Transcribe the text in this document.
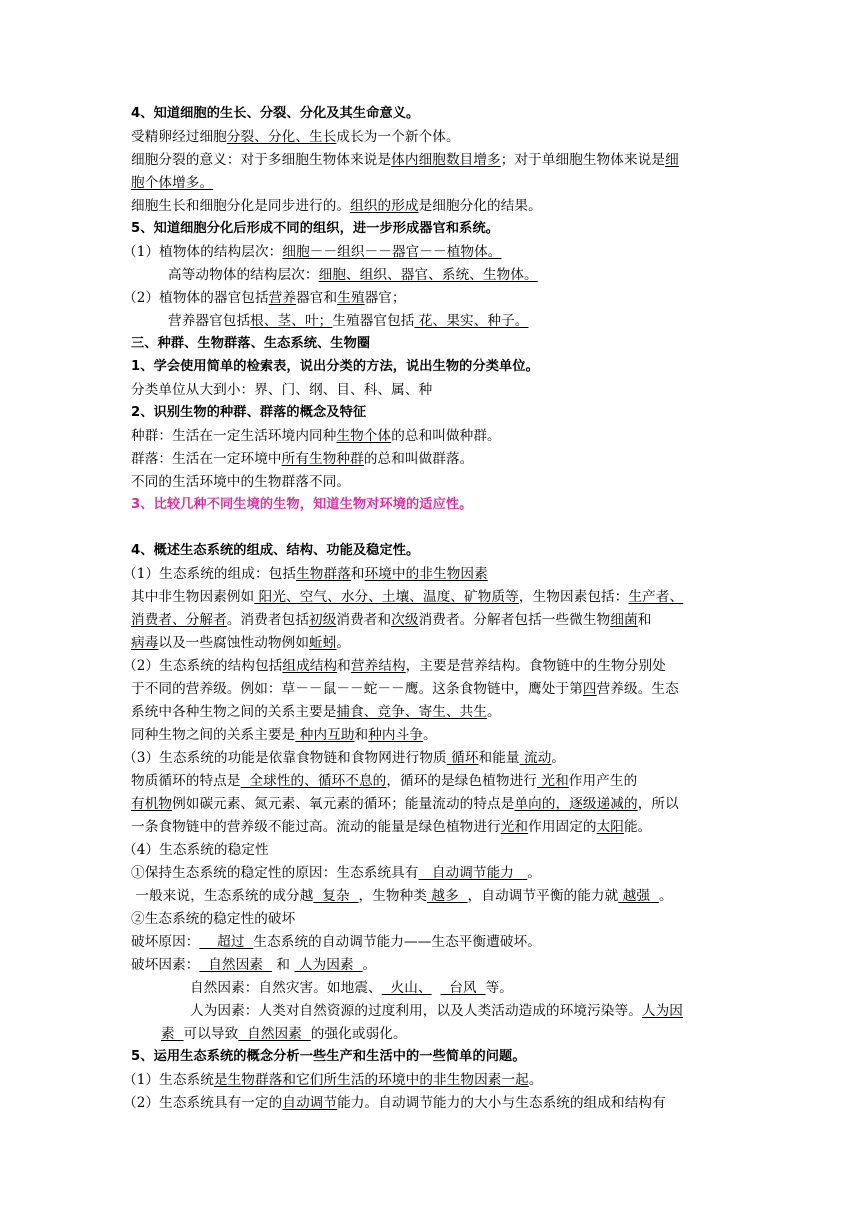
4、知道细胞的生长、分裂、分化及其生命意义。
受精卵经过细胞分裂、分化、生长成长为一个新个体。
细胞分裂的意义：对于多细胞生物体来说是体内细胞数目增多；对于单细胞生物体来说是细
胞个体增多。
细胞生长和细胞分化是同步进行的。组织的形成是细胞分化的结果。
5、知道细胞分化后形成不同的组织，进一步形成器官和系统。
（1）植物体的结构层次：细胞－－组织－－器官－－植物体。
高等动物体的结构层次：细胞、组织、器官、系统、生物体。
（2）植物体的器官包括营养器官和生殖器官；
营养器官包括根、茎、叶；生殖器官包括 花、果实、种子。
三、种群、生物群落、生态系统、生物圈
1、学会使用简单的检索表，说出分类的方法，说出生物的分类单位。
分类单位从大到小：界、门、纲、目、科、属、种
2、识别生物的种群、群落的概念及特征
种群：生活在一定生活环境内同种生物个体的总和叫做种群。
群落：生活在一定环境中所有生物种群的总和叫做群落。
不同的生活环境中的生物群落不同。
3、比较几种不同生境的生物，知道生物对环境的适应性。
4、概述生态系统的组成、结构、功能及稳定性。
（1）生态系统的组成：包括生物群落和环境中的非生物因素
其中非生物因素例如 阳光、空气、水分、土壤、温度、矿物质等，生物因素包括：生产者、
消费者、分解者。消费者包括初级消费者和次级消费者。分解者包括一些微生物细菌和
病毒以及一些腐蚀性动物例如蚯蚓。
（2）生态系统的结构包括组成结构和营养结构，主要是营养结构。食物链中的生物分别处
于不同的营养级。例如：草－－鼠－－蛇－－鹰。这条食物链中，鹰处于第四营养级。生态
系统中各种生物之间的关系主要是捕食、竞争、寄生、共生。
同种生物之间的关系主要是 种内互助和种内斗争。
（3）生态系统的功能是依靠食物链和食物网进行物质 循环和能量 流动。
物质循环的特点是  全球性的、循环不息的，循环的是绿色植物进行 光和作用产生的
有机物例如碳元素、氮元素、氧元素的循环；能量流动的特点是单向的，逐级递减的，所以
一条食物链中的营养级不能过高。流动的能量是绿色植物进行光和作用固定的太阳能。
（4）生态系统的稳定性
①保持生态系统的稳定性的原因：生态系统具有   自动调节能力   。
一般来说，生态系统的成分越  复杂  ，生物种类 越多  ，自动调节平衡的能力就 越强  。
②生态系统的稳定性的破坏
破坏原因：    超过  生态系统的自动调节能力——生态平衡遭破坏。
破坏因素：  自然因素   和  人为因素  。
自然因素：自然灾害。如地震、  火山、    台风  等。
人为因素：人类对自然资源的过度利用，以及人类活动造成的环境污染等。人为因
素  可以导致  自然因素  的强化或弱化。
5、运用生态系统的概念分析一些生产和生活中的一些简单的问题。
（1）生态系统是生物群落和它们所生活的环境中的非生物因素一起。
（2）生态系统具有一定的自动调节能力。自动调节能力的大小与生态系统的组成和结构有
